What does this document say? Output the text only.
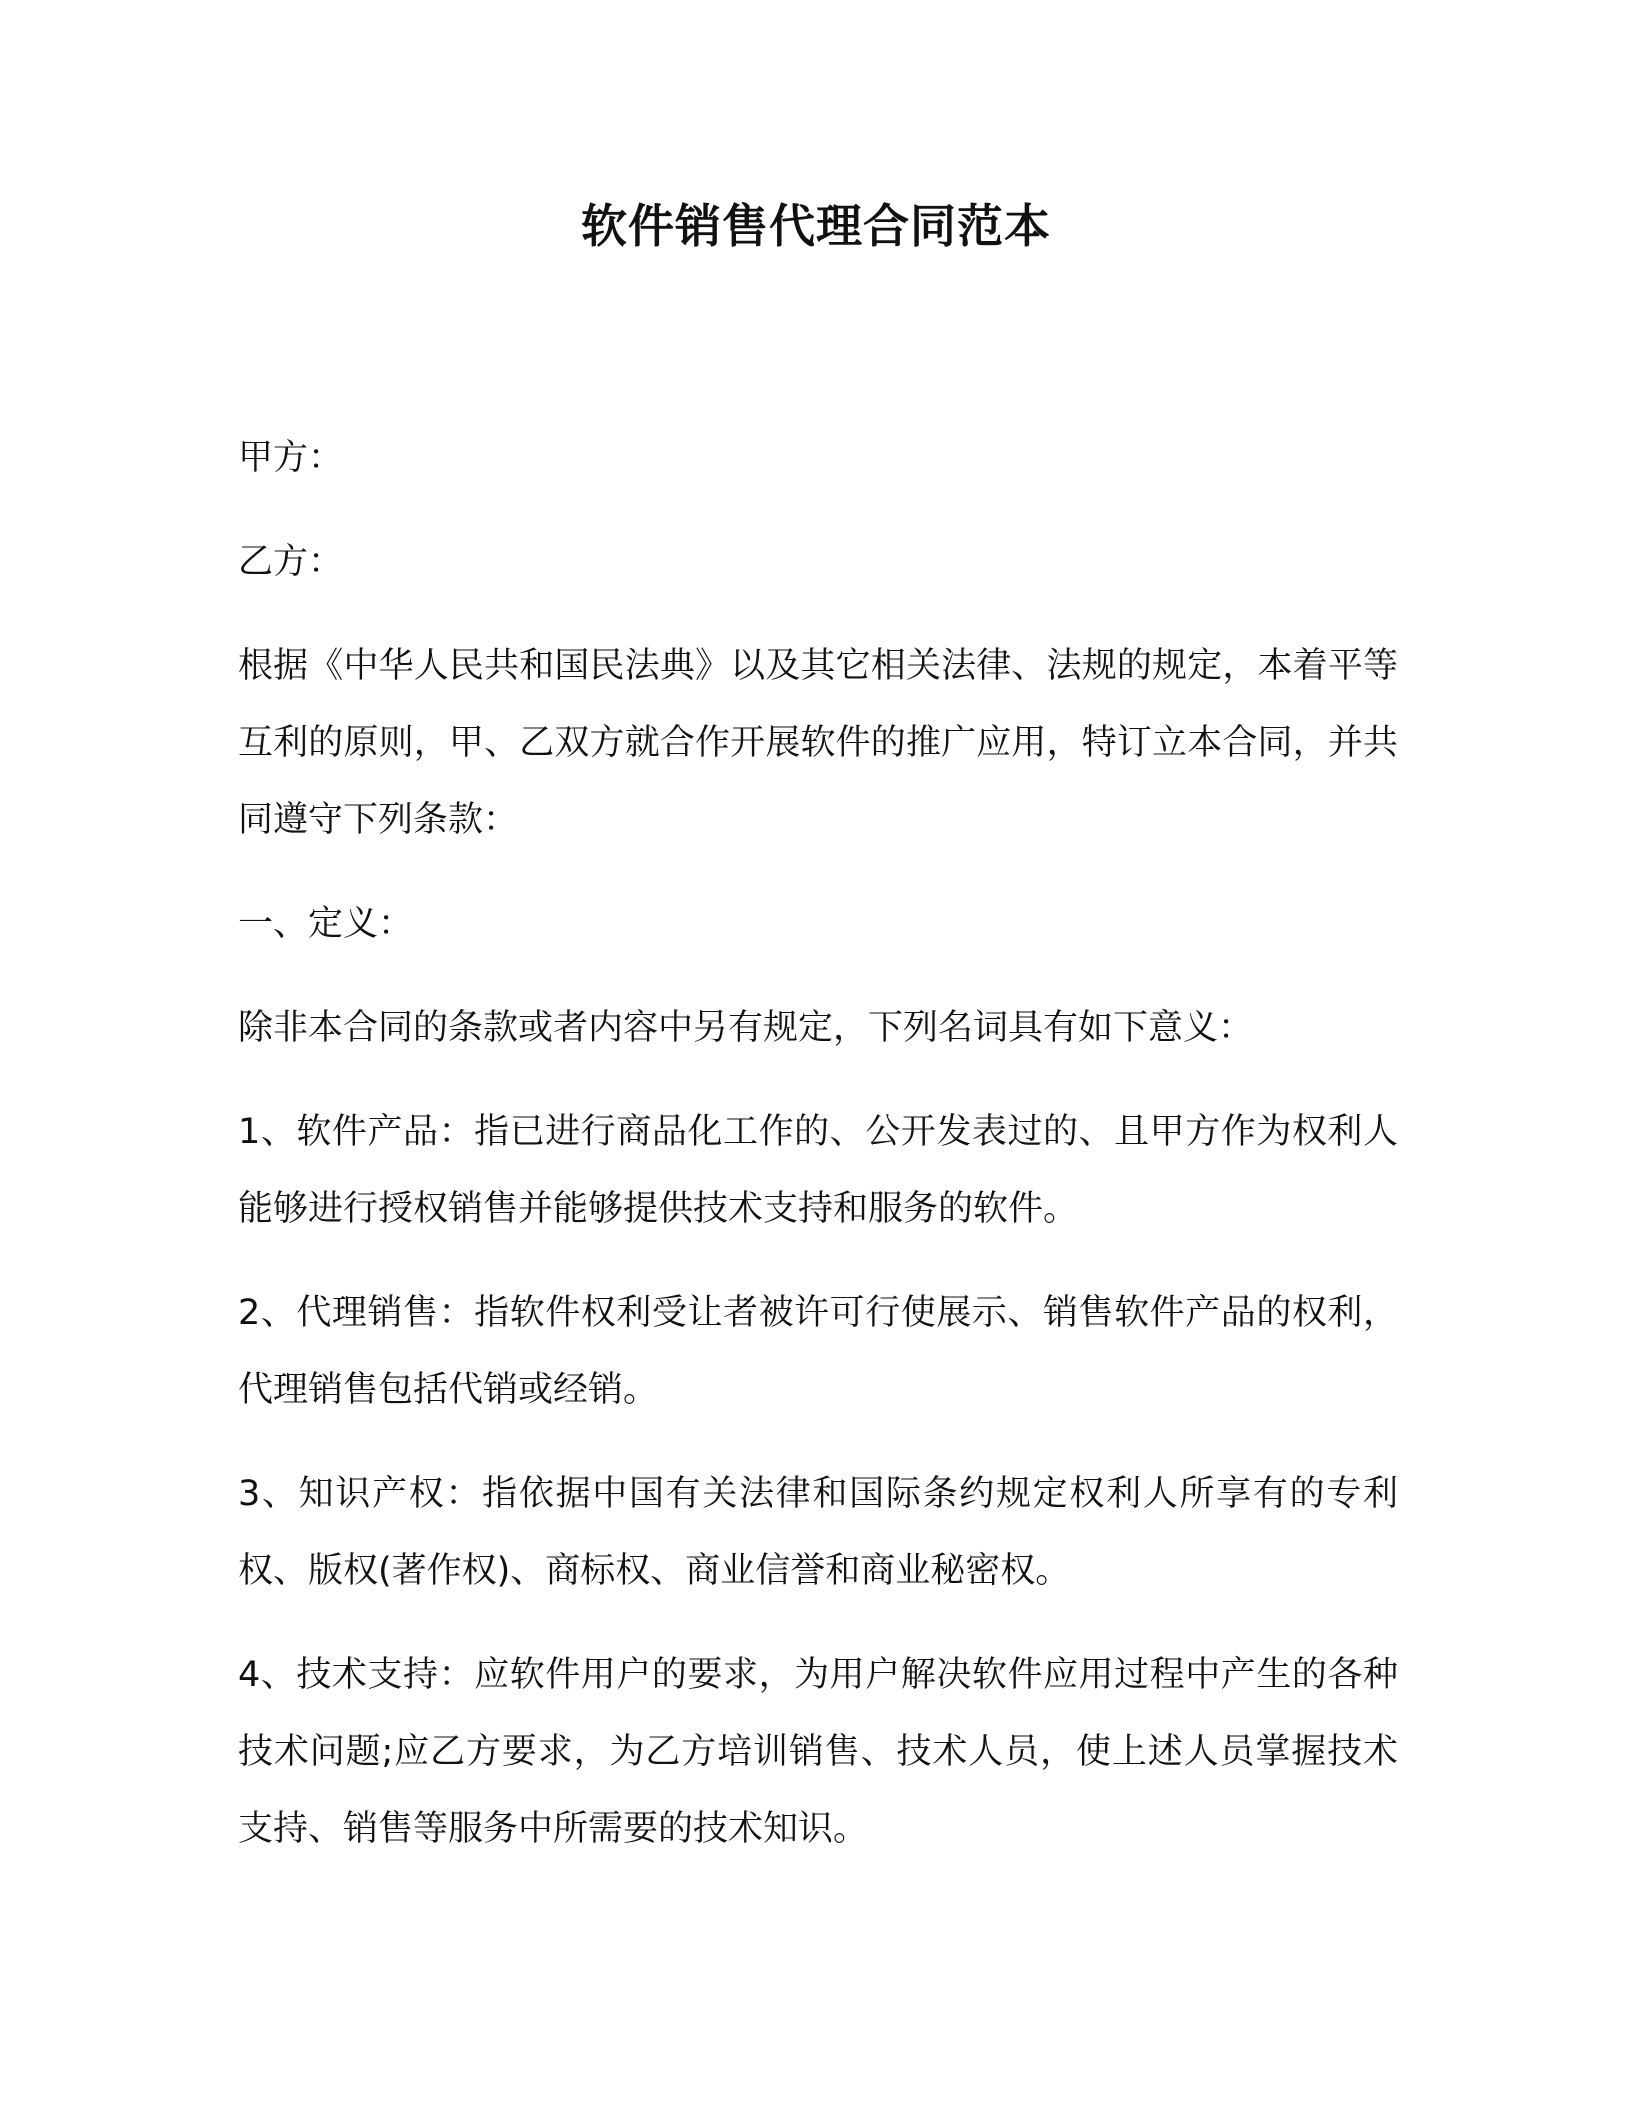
软件销售代理合同范本

甲方：

乙方：

根据《中华人民共和国民法典》以及其它相关法律、法规的规定，本着平等互利的原则，甲、乙双方就合作开展软件的推广应用，特订立本合同，并共同遵守下列条款：

一、定义：

除非本合同的条款或者内容中另有规定，下列名词具有如下意义：

1、软件产品：指已进行商品化工作的、公开发表过的、且甲方作为权利人能够进行授权销售并能够提供技术支持和服务的软件。

2、代理销售：指软件权利受让者被许可行使展示、销售软件产品的权利，代理销售包括代销或经销。

3、知识产权：指依据中国有关法律和国际条约规定权利人所享有的专利权、版权(著作权)、商标权、商业信誉和商业秘密权。

4、技术支持：应软件用户的要求，为用户解决软件应用过程中产生的各种技术问题;应乙方要求，为乙方培训销售、技术人员，使上述人员掌握技术支持、销售等服务中所需要的技术知识。
